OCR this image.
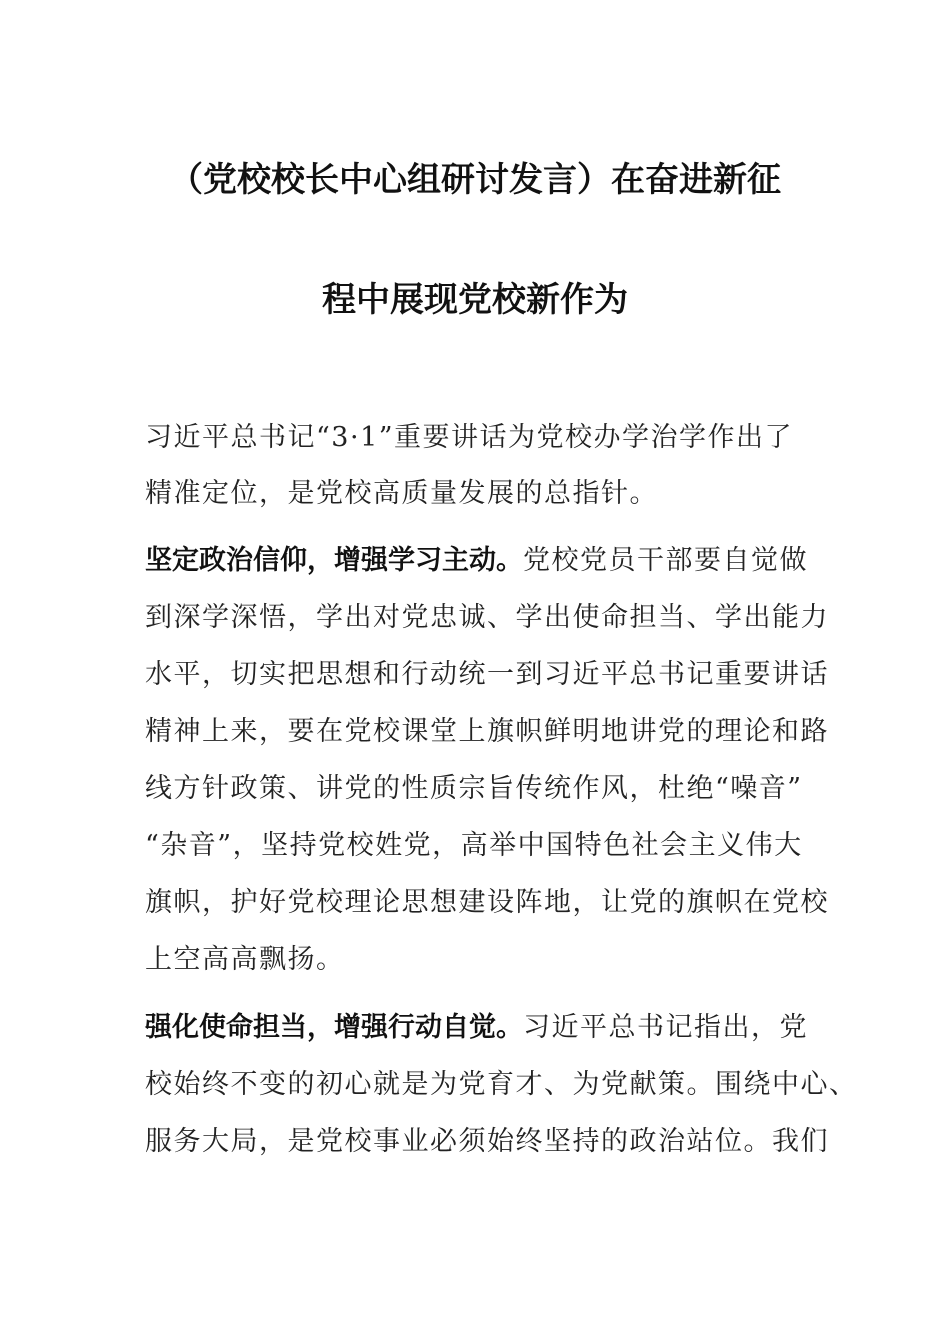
（党校校长中心组研讨发言）在奋进新征
程中展现党校新作为
习近平总书记“3·1”重要讲话为党校办学治学作出了
精准定位，是党校高质量发展的总指针。
坚定政治信仰，增强学习主动。党校党员干部要自觉做
到深学深悟，学出对党忠诚、学出使命担当、学出能力
水平，切实把思想和行动统一到习近平总书记重要讲话
精神上来，要在党校课堂上旗帜鲜明地讲党的理论和路
线方针政策、讲党的性质宗旨传统作风，杜绝“噪音”
“杂音”，坚持党校姓党，高举中国特色社会主义伟大
旗帜，护好党校理论思想建设阵地，让党的旗帜在党校
上空高高飘扬。
强化使命担当，增强行动自觉。习近平总书记指出，党
校始终不变的初心就是为党育才、为党献策。围绕中心、
服务大局，是党校事业必须始终坚持的政治站位。我们
